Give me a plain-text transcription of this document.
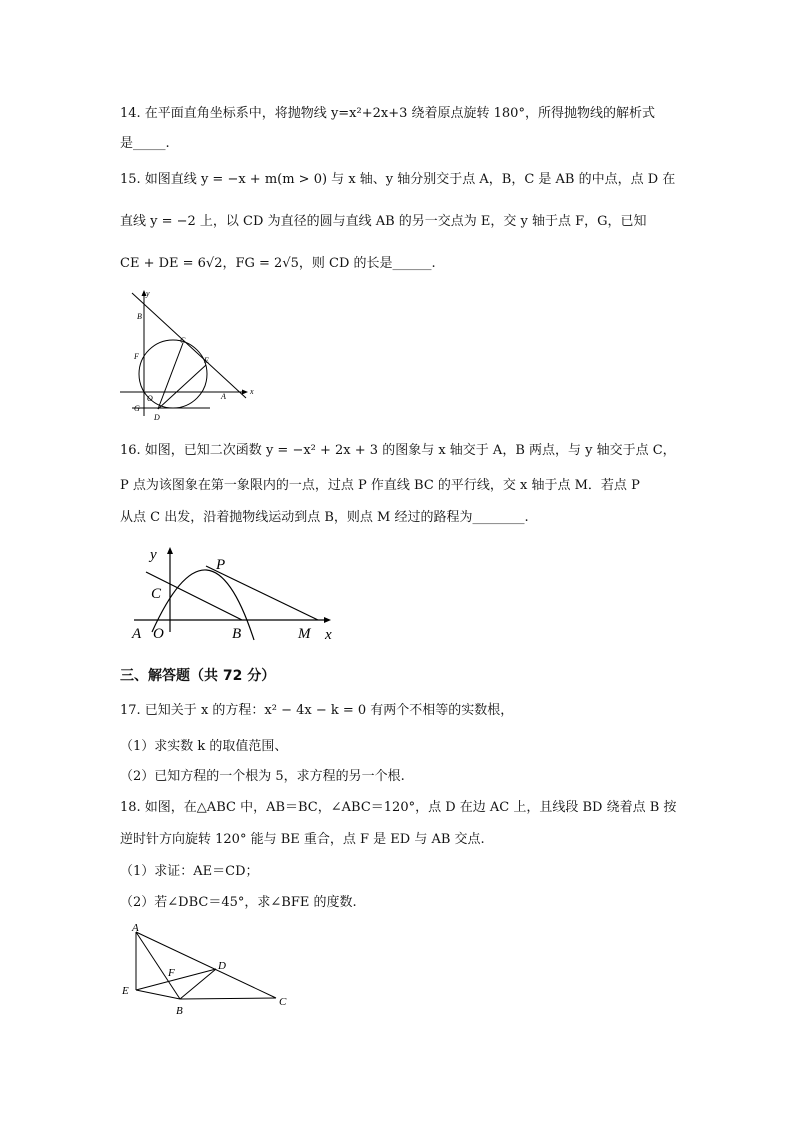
14. 在平面直角坐标系中，将抛物线 y=x²+2x+3 绕着原点旋转 180°，所得抛物线的解析式
是_____.
15. 如图直线 y = −x + m(m > 0) 与 x 轴、y 轴分别交于点 A，B，C 是 AB 的中点，点 D 在
直线 y = −2 上，以 CD 为直径的圆与直线 AB 的另一交点为 E，交 y 轴于点 F，G，已知
CE + DE = 6√2，FG = 2√5，则 CD 的长是______.
y
x
B
C
F	E
O	A
G
D
16. 如图，已知二次函数 y = −x² + 2x + 3 的图象与 x 轴交于 A，B 两点，与 y 轴交于点 C，
P 点为该图象在第一象限内的一点，过点 P 作直线 BC 的平行线，交 x 轴于点 M．若点 P
从点 C 出发，沿着抛物线运动到点 B，则点 M 经过的路程为________.
y
P
C
A O	B	M x
三、解答题（共 72 分）
17. 已知关于 x 的方程：x² − 4x − k = 0 有两个不相等的实数根，
（1）求实数 k 的取值范围、
（2）已知方程的一个根为 5，求方程的另一个根.
18. 如图，在△ABC 中，AB＝BC，∠ABC＝120°，点 D 在边 AC 上，且线段 BD 绕着点 B 按
逆时针方向旋转 120° 能与 BE 重合，点 F 是 ED 与 AB 交点.
（1）求证：AE＝CD；
（2）若∠DBC＝45°，求∠BFE 的度数.
A
D
F
E
B
C
